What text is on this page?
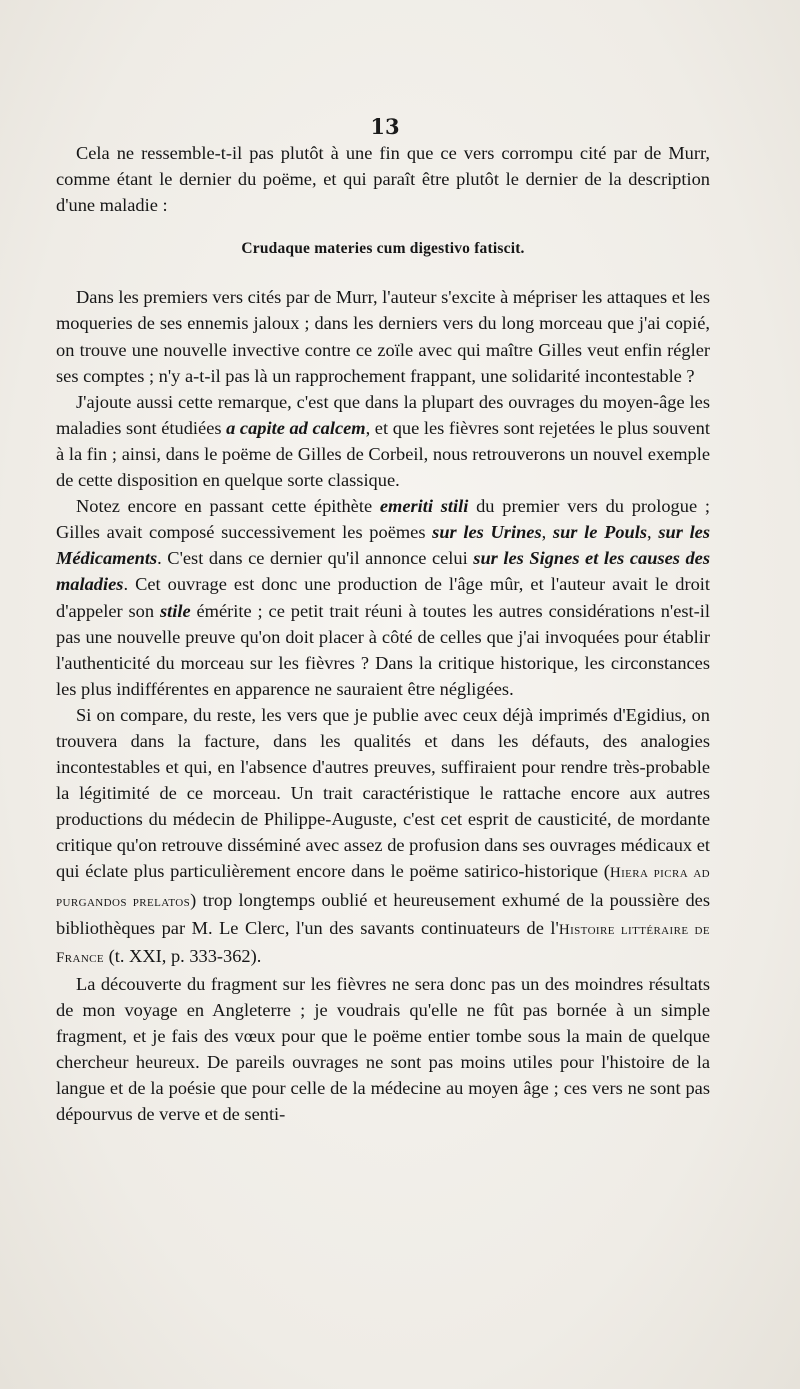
13

Cela ne ressemble-t-il pas plutôt à une fin que ce vers corrompu cité par de Murr, comme étant le dernier du poëme, et qui paraît être plutôt le dernier de la description d'une maladie :

Crudaque materies cum digestivo fatiscit.

Dans les premiers vers cités par de Murr, l'auteur s'excite à mépriser les attaques et les moqueries de ses ennemis jaloux ; dans les derniers vers du long morceau que j'ai copié, on trouve une nouvelle invective contre ce zoïle avec qui maître Gilles veut enfin régler ses comptes ; n'y a-t-il pas là un rapprochement frappant, une solidarité incontestable ?

J'ajoute aussi cette remarque, c'est que dans la plupart des ouvrages du moyen-âge les maladies sont étudiées a capite ad calcem, et que les fièvres sont rejetées le plus souvent à la fin ; ainsi, dans le poëme de Gilles de Corbeil, nous retrouverons un nouvel exemple de cette disposition en quelque sorte classique.

Notez encore en passant cette épithète emeriti stili du premier vers du prologue ; Gilles avait composé successivement les poëmes sur les Urines, sur le Pouls, sur les Médicaments. C'est dans ce dernier qu'il annonce celui sur les Signes et les causes des maladies. Cet ouvrage est donc une production de l'âge mûr, et l'auteur avait le droit d'appeler son stile émérite ; ce petit trait réuni à toutes les autres considérations n'est-il pas une nouvelle preuve qu'on doit placer à côté de celles que j'ai invoquées pour établir l'authenticité du morceau sur les fièvres ? Dans la critique historique, les circonstances les plus indifférentes en apparence ne sauraient être négligées.

Si on compare, du reste, les vers que je publie avec ceux déjà imprimés d'Egidius, on trouvera dans la facture, dans les qualités et dans les défauts, des analogies incontestables et qui, en l'absence d'autres preuves, suffiraient pour rendre très-probable la légitimité de ce morceau. Un trait caractéristique le rattache encore aux autres productions du médecin de Philippe-Auguste, c'est cet esprit de causticité, de mordante critique qu'on retrouve disséminé avec assez de profusion dans ses ouvrages médicaux et qui éclate plus particulièrement encore dans le poëme satirico-historique (Hiera picra ad purgandos prelatos) trop longtemps oublié et heureusement exhumé de la poussière des bibliothèques par M. Le Clerc, l'un des savants continuateurs de l'Histoire littéraire de France (t. XXI, p. 333-362).

La découverte du fragment sur les fièvres ne sera donc pas un des moindres résultats de mon voyage en Angleterre ; je voudrais qu'elle ne fût pas bornée à un simple fragment, et je fais des vœux pour que le poëme entier tombe sous la main de quelque chercheur heureux. De pareils ouvrages ne sont pas moins utiles pour l'histoire de la langue et de la poésie que pour celle de la médecine au moyen âge ; ces vers ne sont pas dépourvus de verve et de senti-
